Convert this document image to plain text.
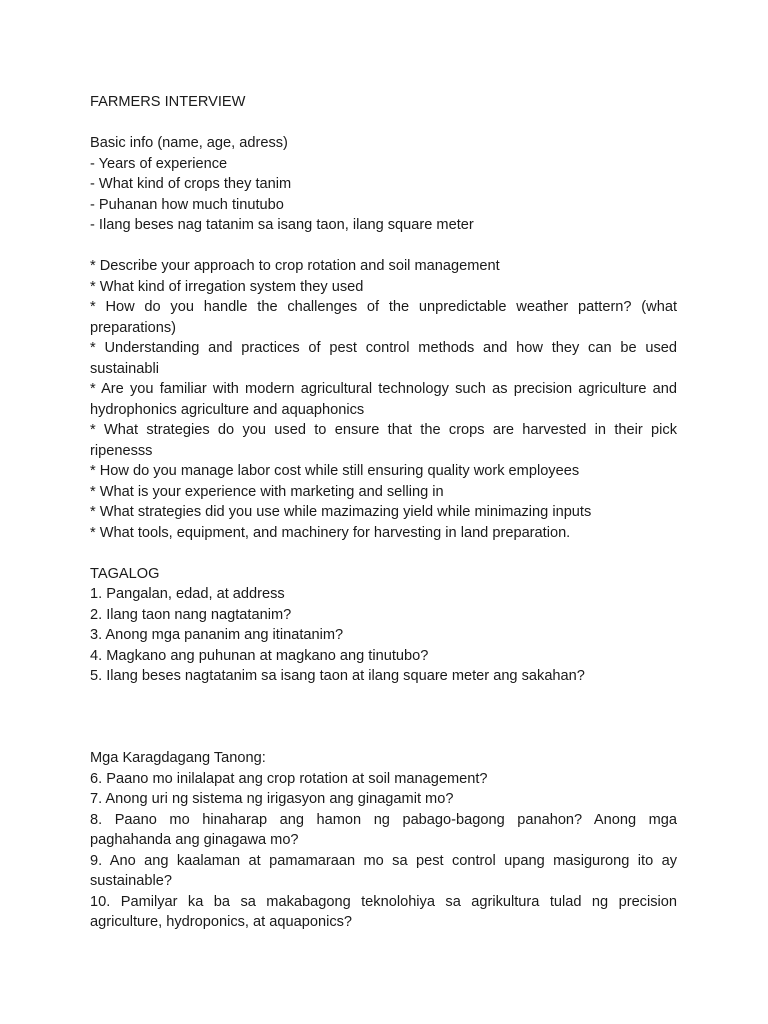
FARMERS INTERVIEW
Basic info (name, age, adress)
- Years of experience
- What kind of crops they tanim
- Puhanan how much tinutubo
- Ilang beses nag tatanim sa isang taon, ilang square meter
* Describe your approach to crop rotation and soil management
* What kind of irregation system they used
* How do you handle the challenges of the unpredictable weather pattern? (what preparations)
* Understanding and practices of pest control methods and how they can be used sustainabli
* Are you familiar with modern agricultural technology such as precision agriculture and hydrophonics agriculture and aquaphonics
* What strategies do you used to ensure that the crops are harvested in their pick ripenesss
* How do you manage labor cost while still ensuring quality work employees
* What is your experience with marketing and selling in
* What strategies did you use while mazimazing yield while minimazing inputs
* What tools, equipment, and machinery for harvesting in land preparation.
TAGALOG
1. Pangalan, edad, at address
2. Ilang taon nang nagtatanim?
3. Anong mga pananim ang itinatanim?
4. Magkano ang puhunan at magkano ang tinutubo?
5. Ilang beses nagtatanim sa isang taon at ilang square meter ang sakahan?
Mga Karagdagang Tanong:
6. Paano mo inilalapat ang crop rotation at soil management?
7. Anong uri ng sistema ng irigasyon ang ginagamit mo?
8. Paano mo hinaharap ang hamon ng pabago-bagong panahon? Anong mga paghahanda ang ginagawa mo?
9. Ano ang kaalaman at pamamaraan mo sa pest control upang masigurong ito ay sustainable?
10. Pamilyar ka ba sa makabagong teknolohiya sa agrikultura tulad ng precision agriculture, hydroponics, at aquaponics?
